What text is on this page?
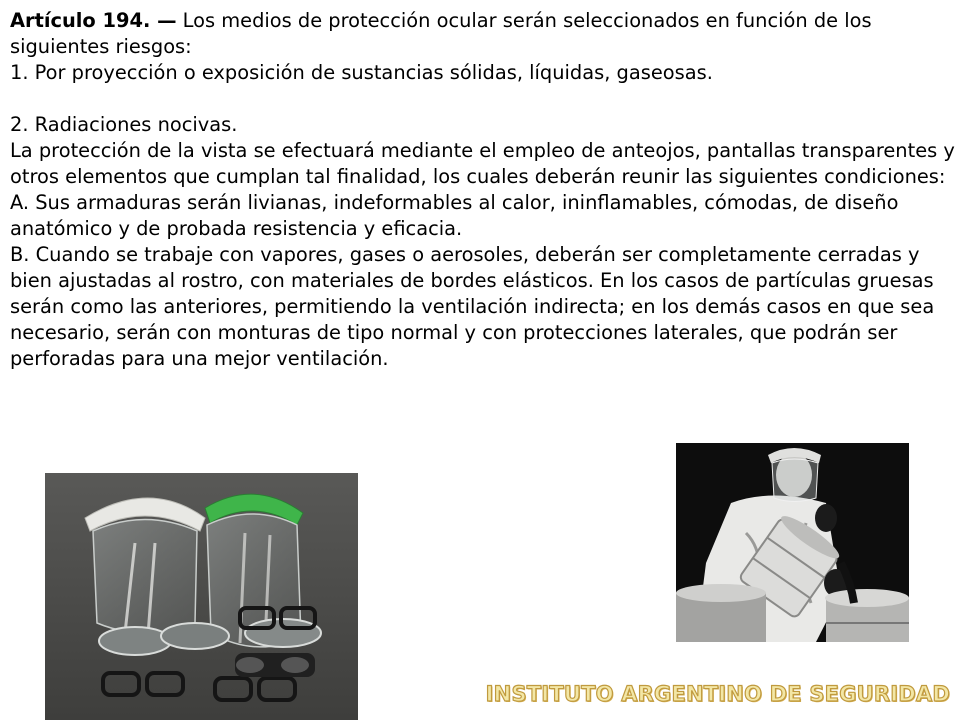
Artículo 194. — Los medios de protección ocular serán seleccionados en función de los siguientes riesgos:

1. Por proyección o exposición de sustancias sólidas, líquidas, gaseosas.

2. Radiaciones nocivas.

La protección de la vista se efectuará mediante el empleo de anteojos, pantallas transparentes y otros elementos que cumplan tal finalidad, los cuales deberán reunir las siguientes condiciones:

A. Sus armaduras serán livianas, indeformables al calor, ininflamables, cómodas, de diseño anatómico y de probada resistencia y eficacia.

B. Cuando se trabaje con vapores, gases o aerosoles, deberán ser completamente cerradas y bien ajustadas al rostro, con materiales de bordes elásticos. En los casos de partículas gruesas serán como las anteriores, permitiendo la ventilación indirecta; en los demás casos en que sea necesario, serán con monturas de tipo normal y con protecciones laterales, que podrán ser perforadas para una mejor ventilación.

INSTITUTO ARGENTINO DE SEGURIDAD
